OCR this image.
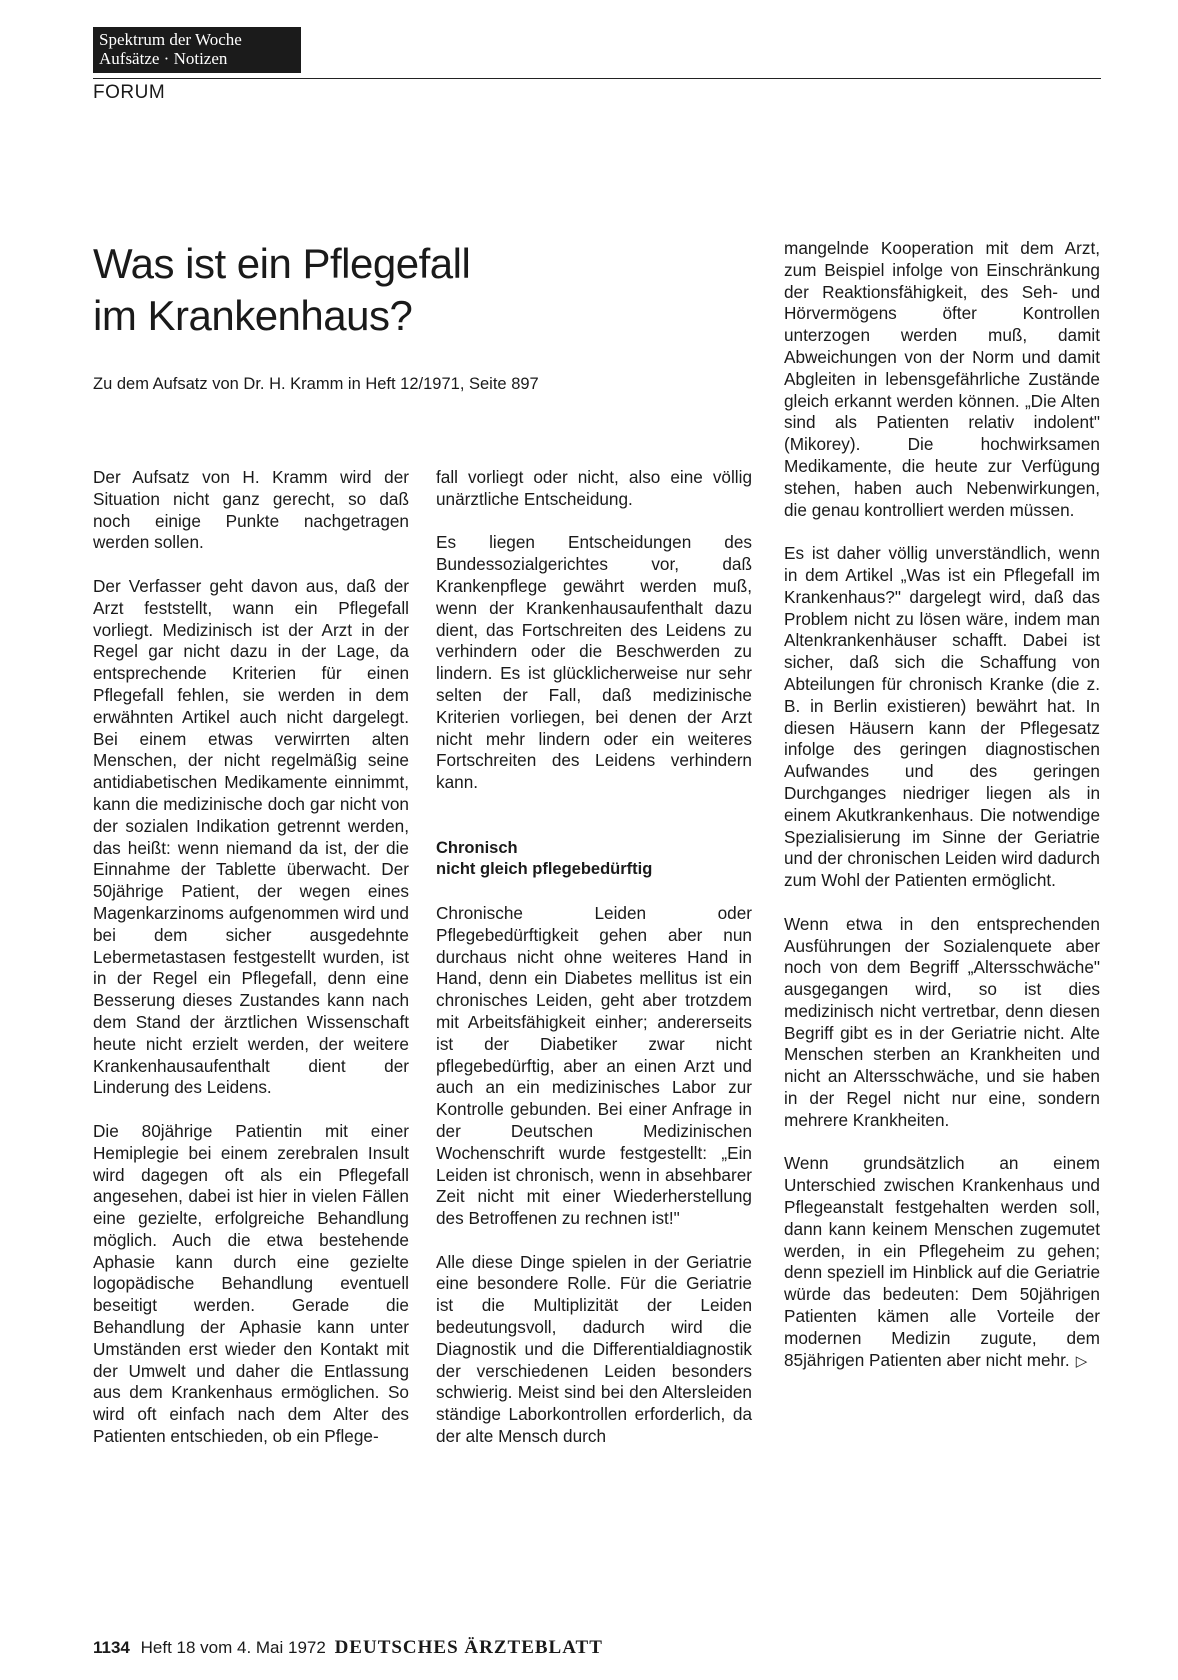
Spektrum der Woche
Aufsätze · Notizen
FORUM
Was ist ein Pflegefall
im Krankenhaus?
Zu dem Aufsatz von Dr. H. Kramm in Heft 12/1971, Seite 897

Der Aufsatz von H. Kramm wird der Situation nicht ganz gerecht, so daß noch einige Punkte nachgetragen werden sollen.

Der Verfasser geht davon aus, daß der Arzt feststellt, wann ein Pflegefall vorliegt. Medizinisch ist der Arzt in der Regel gar nicht dazu in der Lage, da entsprechende Kriterien für einen Pflegefall fehlen, sie werden in dem erwähnten Artikel auch nicht dargelegt. Bei einem etwas verwirrten alten Menschen, der nicht regelmäßig seine antidiabetischen Medikamente einnimmt, kann die medizinische doch gar nicht von der sozialen Indikation getrennt werden, das heißt: wenn niemand da ist, der die Einnahme der Tablette überwacht. Der 50jährige Patient, der wegen eines Magenkarzinoms aufgenommen wird und bei dem sicher ausgedehnte Lebermetastasen festgestellt wurden, ist in der Regel ein Pflegefall, denn eine Besserung dieses Zustandes kann nach dem Stand der ärztlichen Wissenschaft heute nicht erzielt werden, der weitere Krankenhausaufenthalt dient der Linderung des Leidens.

Die 80jährige Patientin mit einer Hemiplegie bei einem zerebralen Insult wird dagegen oft als ein Pflegefall angesehen, dabei ist hier in vielen Fällen eine gezielte, erfolgreiche Behandlung möglich. Auch die etwa bestehende Aphasie kann durch eine gezielte logopädische Behandlung eventuell beseitigt werden. Gerade die Behandlung der Aphasie kann unter Umständen erst wieder den Kontakt mit der Umwelt und daher die Entlassung aus dem Krankenhaus ermöglichen. So wird oft einfach nach dem Alter des Patienten entschieden, ob ein Pflege-

fall vorliegt oder nicht, also eine völlig unärztliche Entscheidung.

Es liegen Entscheidungen des Bundessozialgerichtes vor, daß Krankenpflege gewährt werden muß, wenn der Krankenhausaufenthalt dazu dient, das Fortschreiten des Leidens zu verhindern oder die Beschwerden zu lindern. Es ist glücklicherweise nur sehr selten der Fall, daß medizinische Kriterien vorliegen, bei denen der Arzt nicht mehr lindern oder ein weiteres Fortschreiten des Leidens verhindern kann.

Chronisch
nicht gleich pflegebedürftig

Chronische Leiden oder Pflegebedürftigkeit gehen aber nun durchaus nicht ohne weiteres Hand in Hand, denn ein Diabetes mellitus ist ein chronisches Leiden, geht aber trotzdem mit Arbeitsfähigkeit einher; andererseits ist der Diabetiker zwar nicht pflegebedürftig, aber an einen Arzt und auch an ein medizinisches Labor zur Kontrolle gebunden. Bei einer Anfrage in der Deutschen Medizinischen Wochenschrift wurde festgestellt: „Ein Leiden ist chronisch, wenn in absehbarer Zeit nicht mit einer Wiederherstellung des Betroffenen zu rechnen ist!"

Alle diese Dinge spielen in der Geriatrie eine besondere Rolle. Für die Geriatrie ist die Multiplizität der Leiden bedeutungsvoll, dadurch wird die Diagnostik und die Differentialdiagnostik der verschiedenen Leiden besonders schwierig. Meist sind bei den Altersleiden ständige Laborkontrollen erforderlich, da der alte Mensch durch

mangelnde Kooperation mit dem Arzt, zum Beispiel infolge von Einschränkung der Reaktionsfähigkeit, des Seh- und Hörvermögens öfter Kontrollen unterzogen werden muß, damit Abweichungen von der Norm und damit Abgleiten in lebensgefährliche Zustände gleich erkannt werden können. „Die Alten sind als Patienten relativ indolent" (Mikorey). Die hochwirksamen Medikamente, die heute zur Verfügung stehen, haben auch Nebenwirkungen, die genau kontrolliert werden müssen.

Es ist daher völlig unverständlich, wenn in dem Artikel „Was ist ein Pflegefall im Krankenhaus?" dargelegt wird, daß das Problem nicht zu lösen wäre, indem man Altenkrankenhäuser schafft. Dabei ist sicher, daß sich die Schaffung von Abteilungen für chronisch Kranke (die z. B. in Berlin existieren) bewährt hat. In diesen Häusern kann der Pflegesatz infolge des geringen diagnostischen Aufwandes und des geringen Durchganges niedriger liegen als in einem Akutkrankenhaus. Die notwendige Spezialisierung im Sinne der Geriatrie und der chronischen Leiden wird dadurch zum Wohl der Patienten ermöglicht.

Wenn etwa in den entsprechenden Ausführungen der Sozialenquete aber noch von dem Begriff „Altersschwäche" ausgegangen wird, so ist dies medizinisch nicht vertretbar, denn diesen Begriff gibt es in der Geriatrie nicht. Alte Menschen sterben an Krankheiten und nicht an Altersschwäche, und sie haben in der Regel nicht nur eine, sondern mehrere Krankheiten.

Wenn grundsätzlich an einem Unterschied zwischen Krankenhaus und Pflegeanstalt festgehalten werden soll, dann kann keinem Menschen zugemutet werden, in ein Pflegeheim zu gehen; denn speziell im Hinblick auf die Geriatrie würde das bedeuten: Dem 50jährigen Patienten kämen alle Vorteile der modernen Medizin zugute, dem 85jährigen Patienten aber nicht mehr. ▷

1134 Heft 18 vom 4. Mai 1972 DEUTSCHES ÄRZTEBLATT
